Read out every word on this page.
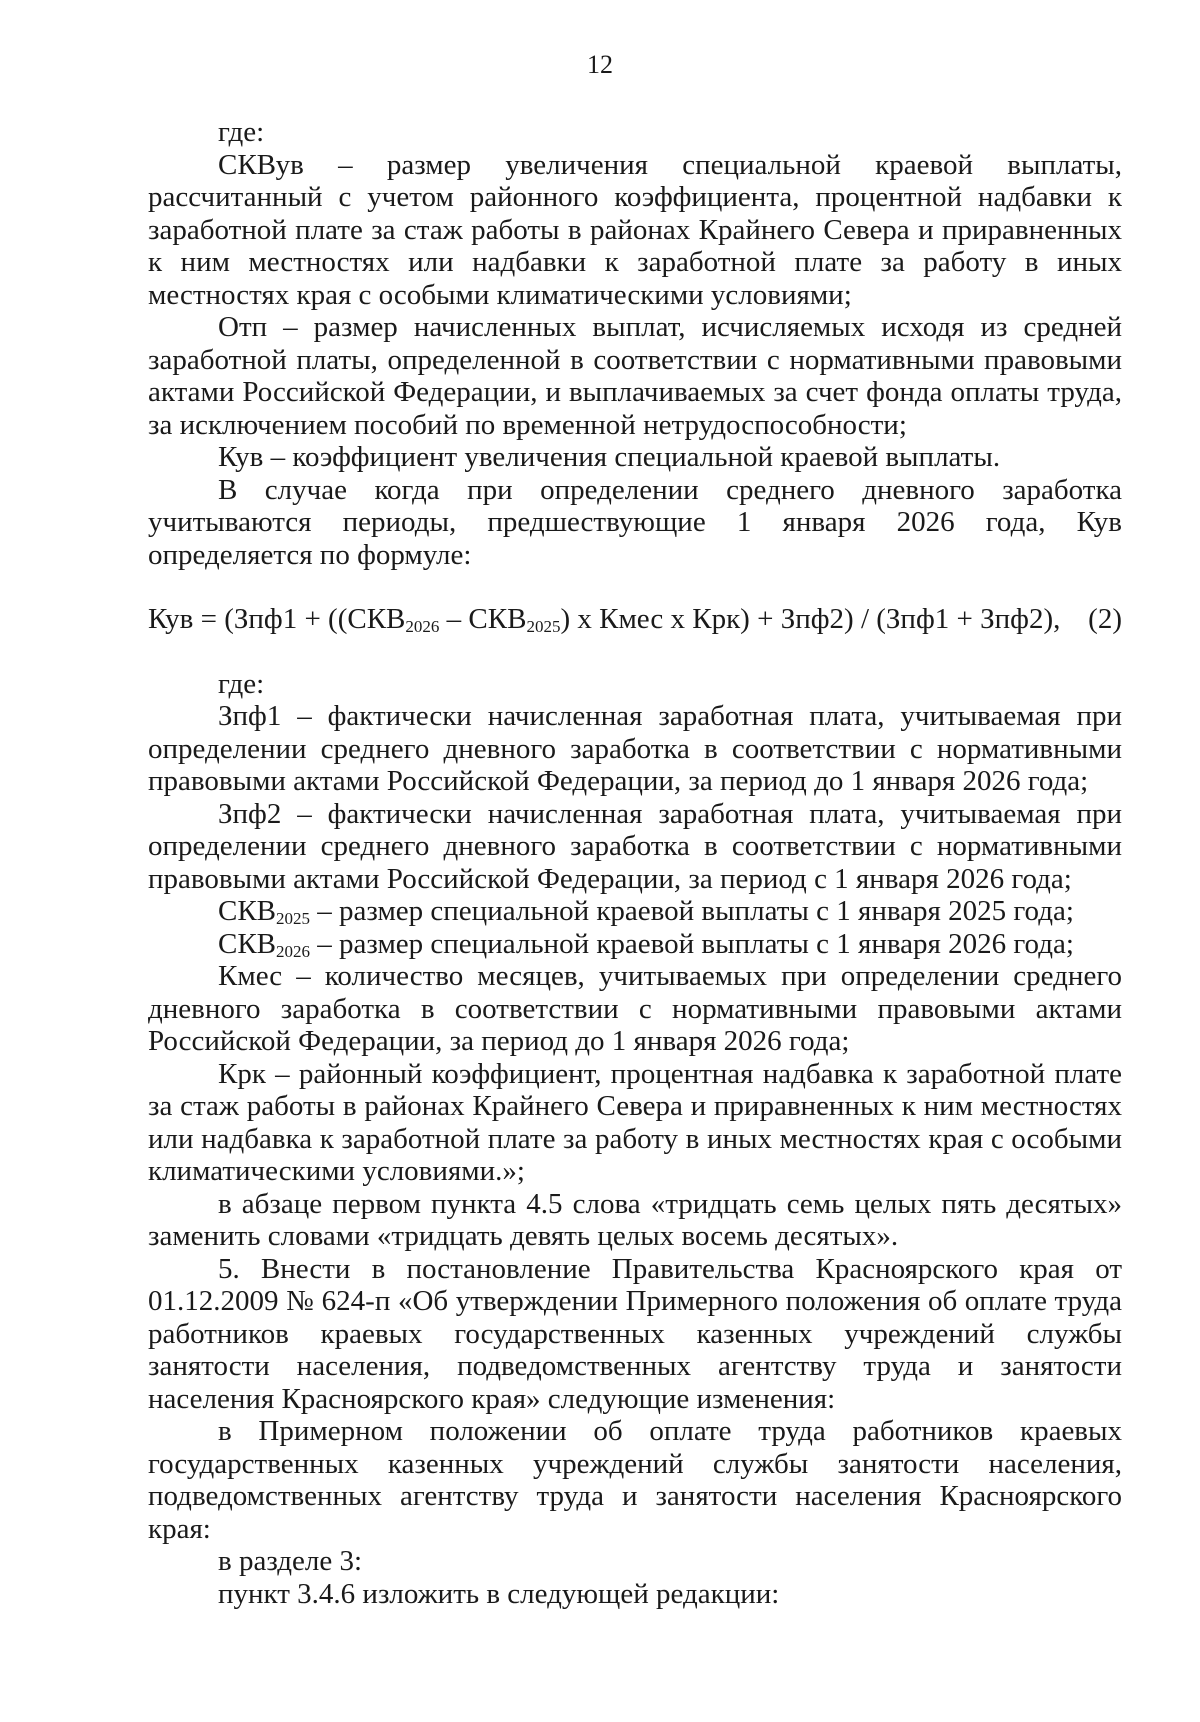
12

где:

СКВув – размер увеличения специальной краевой выплаты, рассчитанный с учетом районного коэффициента, процентной надбавки к заработной плате за стаж работы в районах Крайнего Севера и приравненных к ним местностях или надбавки к заработной плате за работу в иных местностях края с особыми климатическими условиями;

Отп – размер начисленных выплат, исчисляемых исходя из средней заработной платы, определенной в соответствии с нормативными правовыми актами Российской Федерации, и выплачиваемых за счет фонда оплаты труда, за исключением пособий по временной нетрудоспособности;

Кув – коэффициент увеличения специальной краевой выплаты.

В случае когда при определении среднего дневного заработка учитываются периоды, предшествующие 1 января 2026 года, Кув определяется по формуле:

Кув = ($Зпф1 + ((СКВ_{2026} - СКВ_{2025})$ х Кмес х Крк) + Зпф2) / (Зпф1 + Зпф2), (2)

где:

Зпф1 – фактически начисленная заработная плата, учитываемая при определении среднего дневного заработка в соответствии с нормативными правовыми актами Российской Федерации, за период до 1 января 2026 года;

Зпф2 – фактически начисленная заработная плата, учитываемая при определении среднего дневного заработка в соответствии с нормативными правовыми актами Российской Федерации, за период с 1 января 2026 года;

$СКВ_{2025}$ – размер специальной краевой выплаты с 1 января 2025 года;

$СКВ_{2026}$ – размер специальной краевой выплаты с 1 января 2026 года;

Кмес – количество месяцев, учитываемых при определении среднего дневного заработка в соответствии с нормативными правовыми актами Российской Федерации, за период до 1 января 2026 года;

Крк – районный коэффициент, процентная надбавка к заработной плате за стаж работы в районах Крайнего Севера и приравненных к ним местностях или надбавка к заработной плате за работу в иных местностях края с особыми климатическими условиями.»;

в абзаце первом пункта 4.5 слова «тридцать семь целых пять десятых» заменить словами «тридцать девять целых восемь десятых».

5. Внести в постановление Правительства Красноярского края от 01.12.2009 № 624-п «Об утверждении Примерного положения об оплате труда работников краевых государственных казенных учреждений службы занятости населения, подведомственных агентству труда и занятости населения Красноярского края» следующие изменения:

в Примерном положении об оплате труда работников краевых государственных казенных учреждений службы занятости населения, подведомственных агентству труда и занятости населения Красноярского края:

в разделе 3:

пункт 3.4.6 изложить в следующей редакции:
